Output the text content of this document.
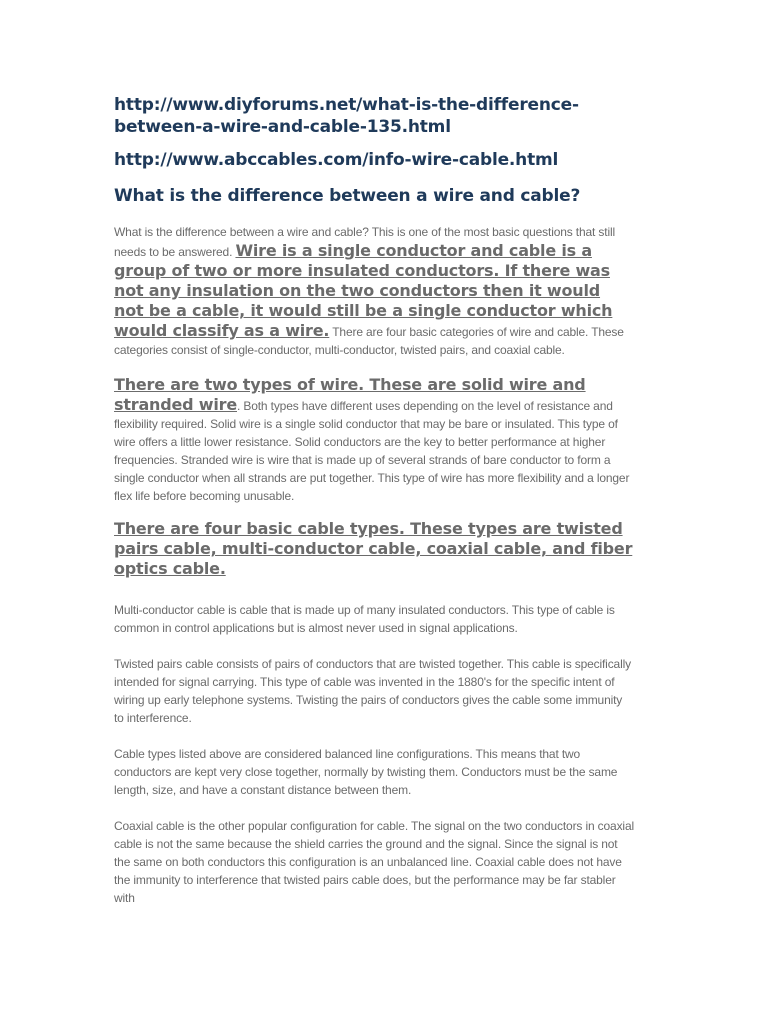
http://www.diyforums.net/what-is-the-difference-between-a-wire-and-cable-135.html

http://www.abccables.com/info-wire-cable.html

What is the difference between a wire and cable?

What is the difference between a wire and cable? This is one of the most basic questions that still needs to be answered. Wire is a single conductor and cable is a group of two or more insulated conductors. If there was not any insulation on the two conductors then it would not be a cable, it would still be a single conductor which would classify as a wire. There are four basic categories of wire and cable. These categories consist of single-conductor, multi-conductor, twisted pairs, and coaxial cable.

There are two types of wire. These are solid wire and stranded wire. Both types have different uses depending on the level of resistance and flexibility required. Solid wire is a single solid conductor that may be bare or insulated. This type of wire offers a little lower resistance. Solid conductors are the key to better performance at higher frequencies. Stranded wire is wire that is made up of several strands of bare conductor to form a single conductor when all strands are put together. This type of wire has more flexibility and a longer flex life before becoming unusable.

There are four basic cable types. These types are twisted pairs cable, multi-conductor cable, coaxial cable, and fiber optics cable.

Multi-conductor cable is cable that is made up of many insulated conductors. This type of cable is common in control applications but is almost never used in signal applications.

Twisted pairs cable consists of pairs of conductors that are twisted together. This cable is specifically intended for signal carrying. This type of cable was invented in the 1880's for the specific intent of wiring up early telephone systems. Twisting the pairs of conductors gives the cable some immunity to interference.

Cable types listed above are considered balanced line configurations. This means that two conductors are kept very close together, normally by twisting them. Conductors must be the same length, size, and have a constant distance between them.

Coaxial cable is the other popular configuration for cable. The signal on the two conductors in coaxial cable is not the same because the shield carries the ground and the signal. Since the signal is not the same on both conductors this configuration is an unbalanced line. Coaxial cable does not have the immunity to interference that twisted pairs cable does, but the performance may be far stabler with
